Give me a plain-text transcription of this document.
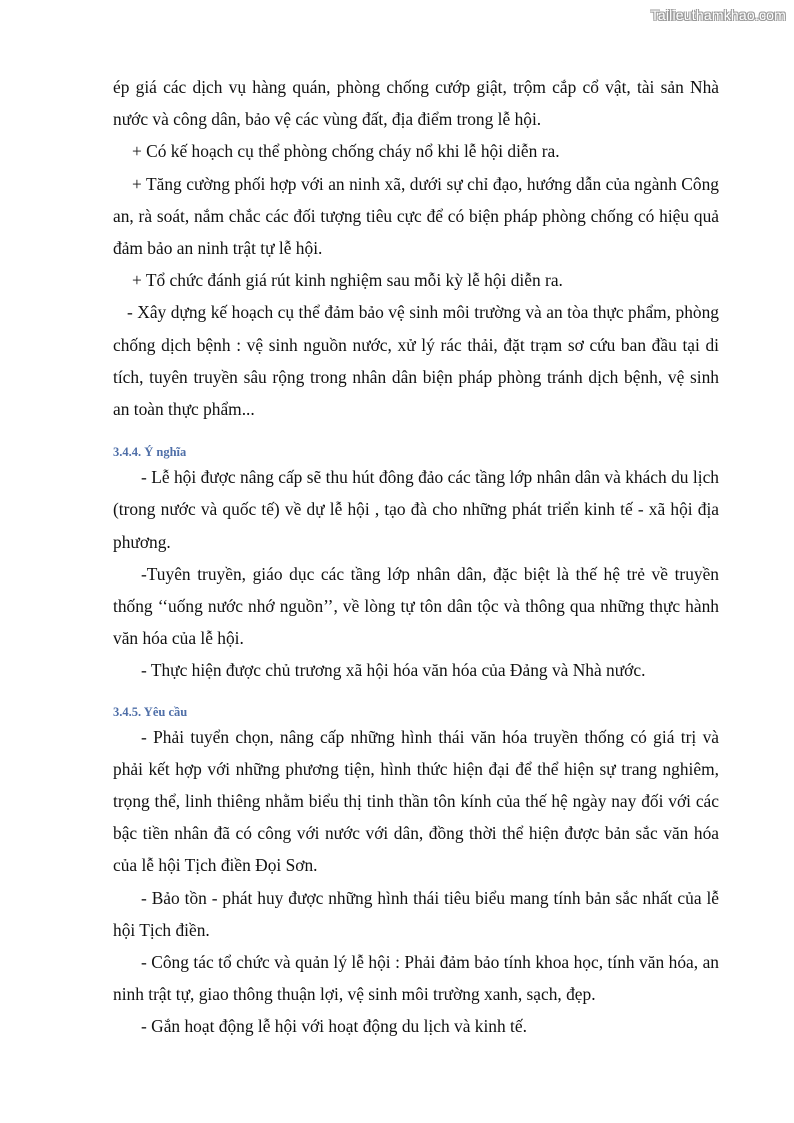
Tailieuthamkhao.com

ép giá các dịch vụ hàng quán, phòng chống cướp giật, trộm cắp cổ vật, tài sản Nhà nước và công dân, bảo vệ các vùng đất, địa điểm trong lễ hội.

+ Có kế hoạch cụ thể phòng chống cháy nổ khi lễ hội diễn ra.

+ Tăng cường phối hợp với an ninh xã, dưới sự chỉ đạo, hướng dẫn của ngành Công an, rà soát, nắm chắc các đối tượng tiêu cực để có biện pháp phòng chống có hiệu quả đảm bảo an ninh trật tự lễ hội.

+ Tổ chức đánh giá rút kinh nghiệm sau mỗi kỳ lễ hội diễn ra.

- Xây dựng kế hoạch cụ thể đảm bảo vệ sinh môi trường và an tòa thực phẩm, phòng chống dịch bệnh : vệ sinh nguồn nước, xử lý rác thải, đặt trạm sơ cứu ban đầu tại di tích, tuyên truyền sâu rộng trong nhân dân biện pháp phòng tránh dịch bệnh, vệ sinh an toàn thực phẩm...

3.4.4. Ý nghĩa

- Lễ hội được nâng cấp sẽ thu hút đông đảo các tầng lớp nhân dân và khách du lịch (trong nước và quốc tế) về dự lễ hội , tạo đà cho những phát triển kinh tế - xã hội địa phương.

-Tuyên truyền, giáo dục các tầng lớp nhân dân, đặc biệt là thế hệ trẻ về truyền thống ‘‘uống nước nhớ nguồn’’, về lòng tự tôn dân tộc và thông qua những thực hành văn hóa của lễ hội.

- Thực hiện được chủ trương xã hội hóa văn hóa của Đảng và Nhà nước.

3.4.5. Yêu cầu

- Phải tuyển chọn, nâng cấp những hình thái văn hóa truyền thống có giá trị và phải kết hợp với những phương tiện, hình thức hiện đại để thể hiện sự trang nghiêm, trọng thể, linh thiêng nhằm biểu thị tinh thần tôn kính của thế hệ ngày nay đối với các bậc tiền nhân đã có công với nước với dân, đồng thời thể hiện được bản sắc văn hóa của lễ hội Tịch điền Đọi Sơn.

- Bảo tồn - phát huy được những hình thái tiêu biểu mang tính bản sắc nhất của lễ hội Tịch điền.

- Công tác tổ chức và quản lý lễ hội : Phải đảm bảo tính khoa học, tính văn hóa, an ninh trật tự, giao thông thuận lợi, vệ sinh môi trường xanh, sạch, đẹp.

- Gắn hoạt động lễ hội với hoạt động du lịch và kinh tế.
